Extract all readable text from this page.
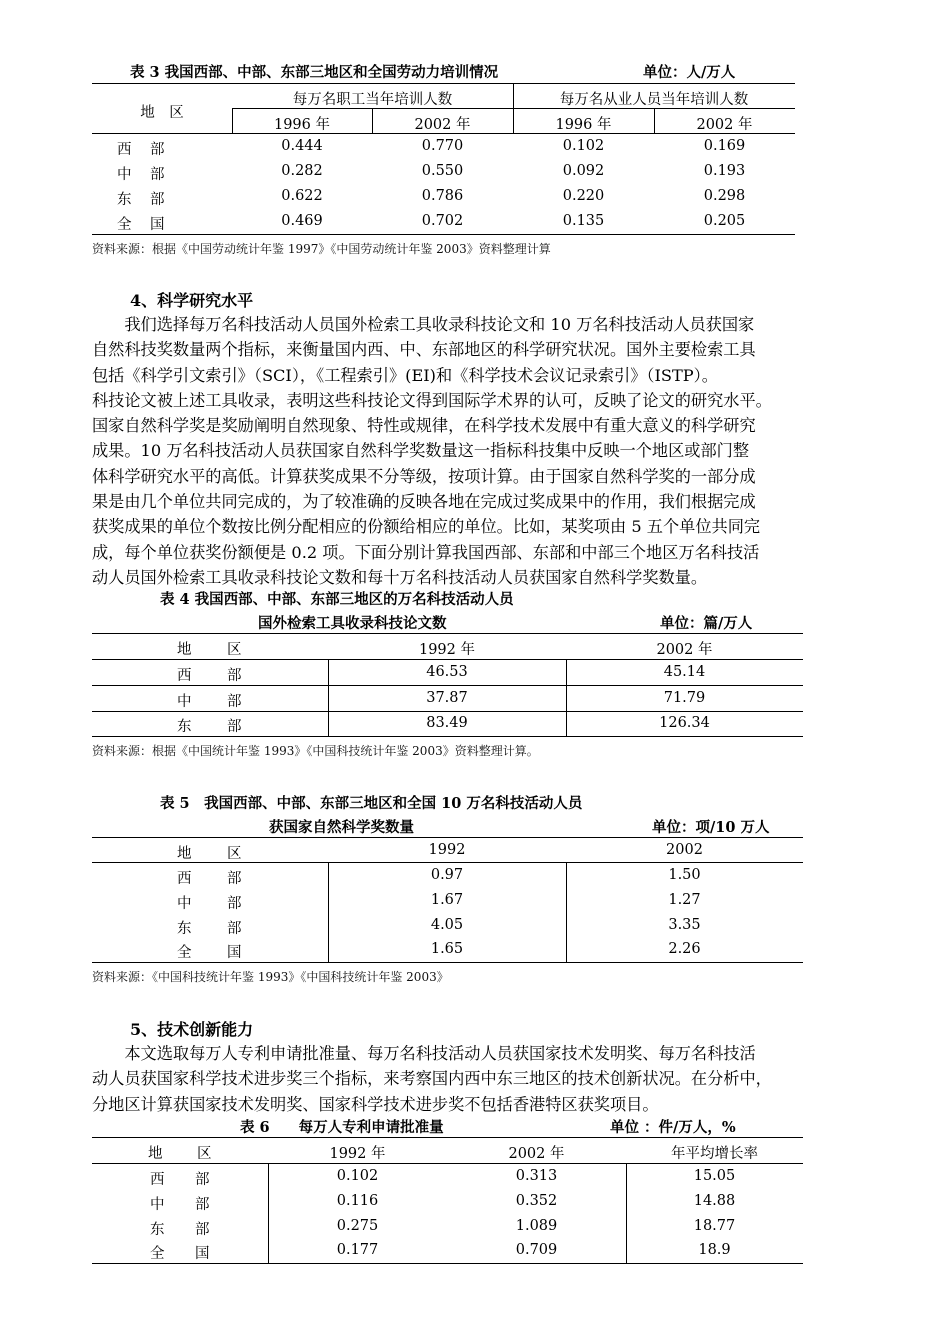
表 3 我国西部、中部、东部三地区和全国劳动力培训情况	单位：人/万人
地　区
每万名职工当年培训人数	每万名从业人员当年培训人数
1996 年	2002 年	1996 年	2002 年
西 部	0.444	0.770	0.102	0.169
中 部	0.282	0.550	0.092	0.193
东 部	0.622	0.786	0.220	0.298
全 国	0.469	0.702	0.135	0.205
资料来源：根据《中国劳动统计年鉴 1997》《中国劳动统计年鉴 2003》资料整理计算
4、科学研究水平
　　我们选择每万名科技活动人员国外检索工具收录科技论文和 10 万名科技活动人员获国家
自然科技奖数量两个指标，来衡量国内西、中、东部地区的科学研究状况。国外主要检索工具
包括《科学引文索引》（SCI），《工程索引》(EI)和《科学技术会议记录索引》（ISTP）。
科技论文被上述工具收录，表明这些科技论文得到国际学术界的认可，反映了论文的研究水平。
国家自然科学奖是奖励阐明自然现象、特性或规律，在科学技术发展中有重大意义的科学研究
成果。10 万名科技活动人员获国家自然科学奖数量这一指标科技集中反映一个地区或部门整
体科学研究水平的高低。计算获奖成果不分等级，按项计算。由于国家自然科学奖的一部分成
果是由几个单位共同完成的，为了较准确的反映各地在完成过奖成果中的作用，我们根据完成
获奖成果的单位个数按比例分配相应的份额给相应的单位。比如，某奖项由 5 五个单位共同完
成，每个单位获奖份额便是 0.2 项。下面分别计算我国西部、东部和中部三个地区万名科技活
动人员国外检索工具收录科技论文数和每十万名科技活动人员获国家自然科学奖数量。
表 4 我国西部、中部、东部三地区的万名科技活动人员
国外检索工具收录科技论文数	单位：篇/万人
地 区	1992 年	2002 年
西 部	46.53	45.14
中 部	37.87	71.79
东 部	83.49	126.34
资料来源：根据《中国统计年鉴 1993》《中国科技统计年鉴 2003》资料整理计算。
表 5　我国西部、中部、东部三地区和全国 10 万名科技活动人员
获国家自然科学奖数量	单位：项/10 万人
地 区	1992	2002
西 部	0.97	1.50
中 部	1.67	1.27
东 部	4.05	3.35
全 国	1.65	2.26
资料来源：《中国科技统计年鉴 1993》《中国科技统计年鉴 2003》
5、技术创新能力
　　本文选取每万人专利申请批准量、每万名科技活动人员获国家技术发明奖、每万名科技活
动人员获国家科学技术进步奖三个指标，来考察国内西中东三地区的技术创新状况。在分析中，
分地区计算获国家技术发明奖、国家科学技术进步奖不包括香港特区获奖项目。
表 6　　每万人专利申请批准量	单位 ：件/万人，%
地 区	1992 年	2002 年	年平均增长率
西 部	0.102	0.313	15.05
中 部	0.116	0.352	14.88
东 部	0.275	1.089	18.77
全 国	0.177	0.709	18.9
